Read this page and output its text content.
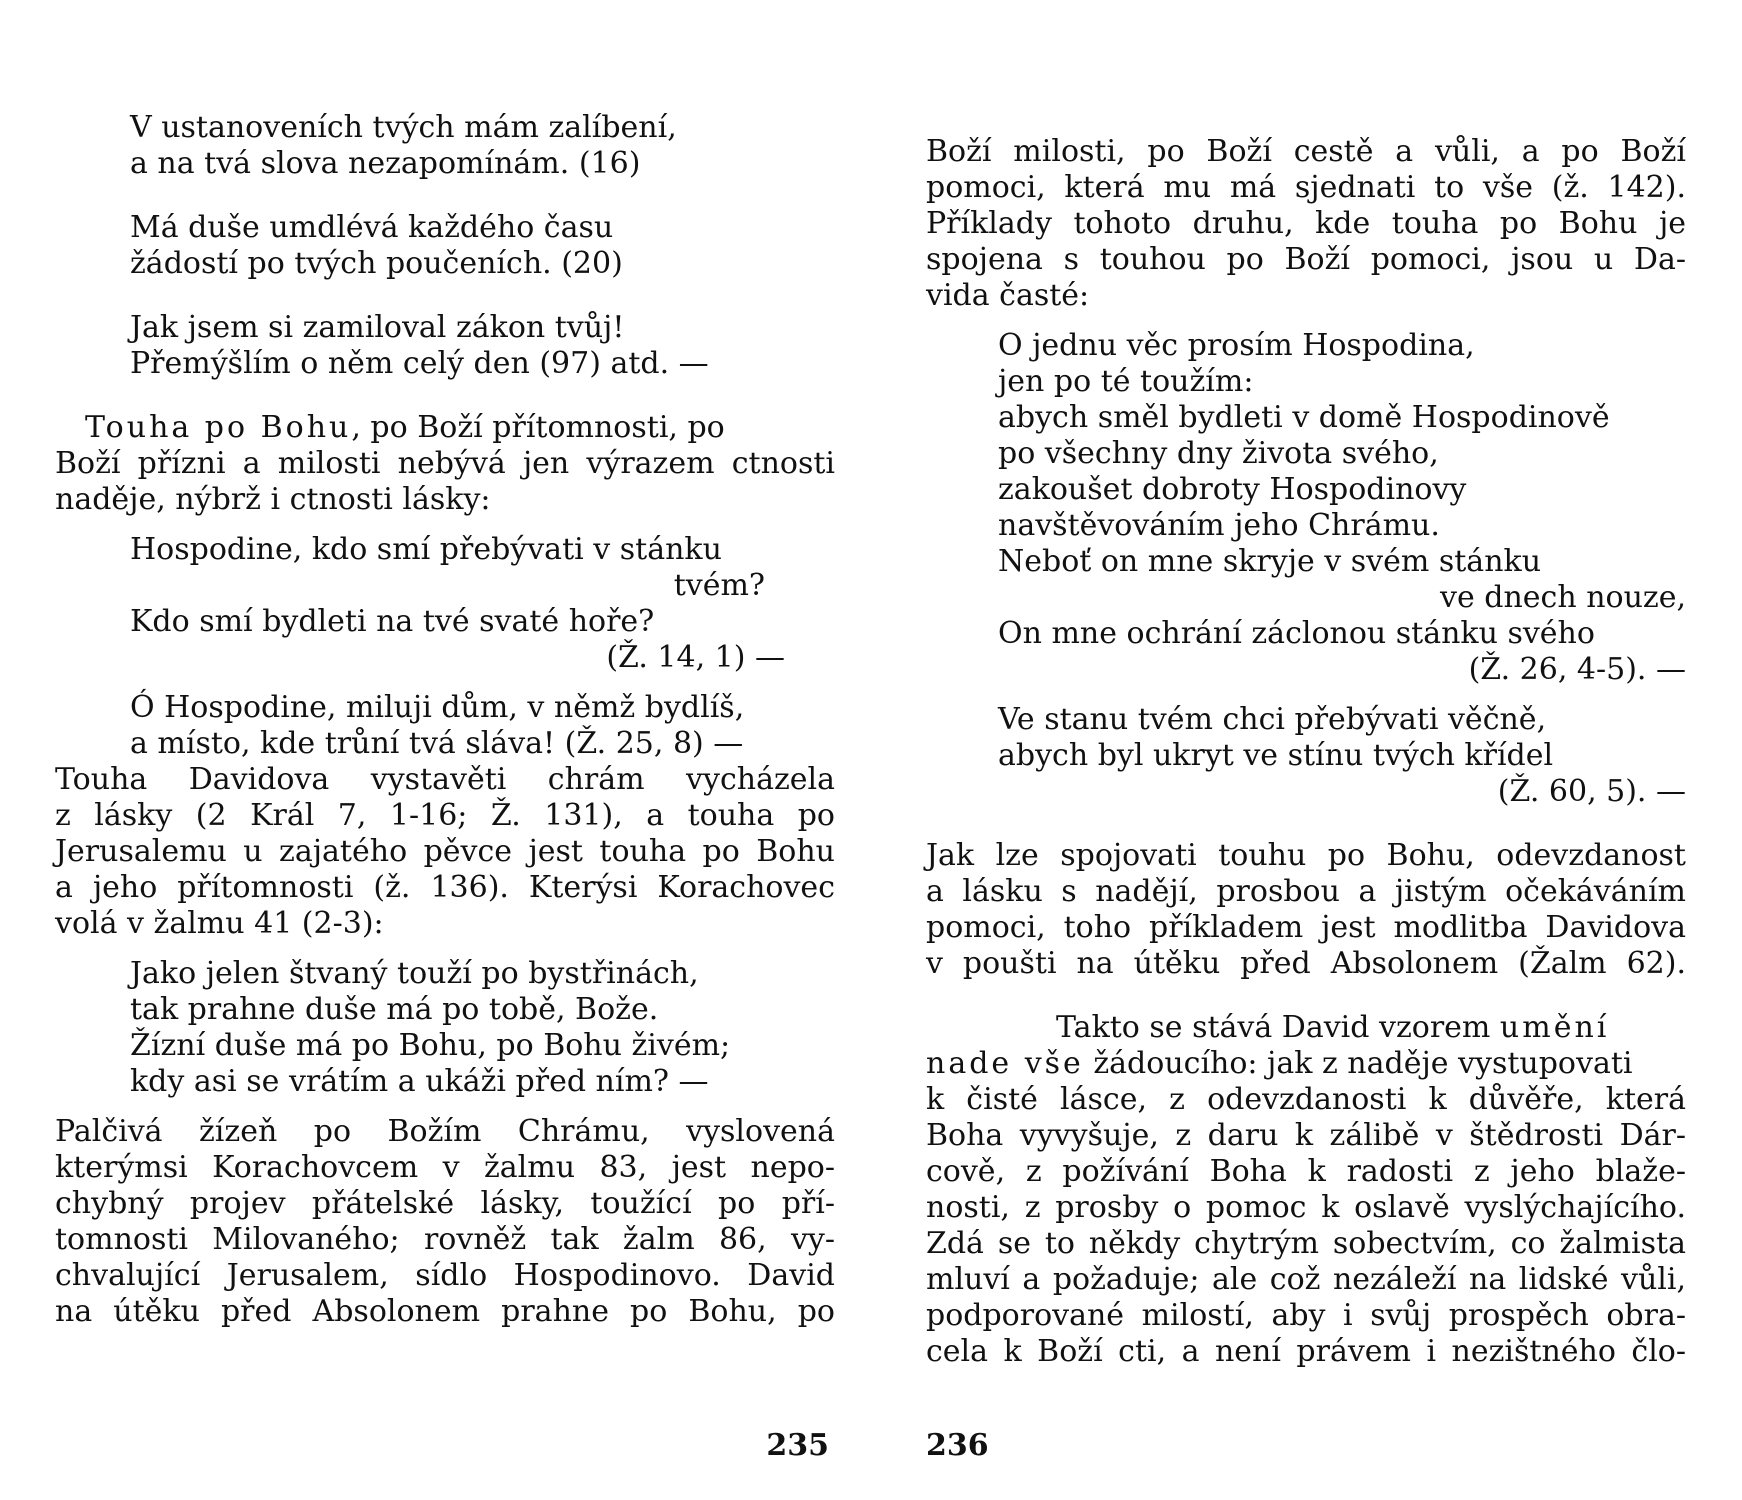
V ustanoveních tvých mám zalíbení,
a na tvá slova nezapomínám. (16)
Má duše umdlévá každého času
žádostí po tvých poučeních. (20)
Jak jsem si zamiloval zákon tvůj!
Přemýšlím o něm celý den (97) atd. —
Touha po Bohu, po Boží přítomnosti, po
Boží přízni a milosti nebývá jen výrazem ctnosti
naděje, nýbrž i ctnosti lásky:
Hospodine, kdo smí přebývati v stánku
tvém?
Kdo smí bydleti na tvé svaté hoře?
(Ž. 14, 1) —
Ó Hospodine, miluji dům, v němž bydlíš,
a místo, kde trůní tvá sláva! (Ž. 25, 8) —
Touha Davidova vystavěti chrám vycházela
z lásky (2 Král 7, 1-16; Ž. 131), a touha po
Jerusalemu u zajatého pěvce jest touha po Bohu
a jeho přítomnosti (ž. 136). Kterýsi Korachovec
volá v žalmu 41 (2-3):
Jako jelen štvaný touží po bystřinách,
tak prahne duše má po tobě, Bože.
Žízní duše má po Bohu, po Bohu živém;
kdy asi se vrátím a ukáži před ním? —
Palčivá žízeň po Božím Chrámu, vyslovená
kterýmsi Korachovcem v žalmu 83, jest nepo-
chybný projev přátelské lásky, toužící po pří-
tomnosti Milovaného; rovněž tak žalm 86, vy-
chvalující Jerusalem, sídlo Hospodinovo. David
na útěku před Absolonem prahne po Bohu, po
235
Boží milosti, po Boží cestě a vůli, a po Boží
pomoci, která mu má sjednati to vše (ž. 142).
Příklady tohoto druhu, kde touha po Bohu je
spojena s touhou po Boží pomoci, jsou u Da-
vida časté:
O jednu věc prosím Hospodina,
jen po té toužím:
abych směl bydleti v domě Hospodinově
po všechny dny života svého,
zakoušet dobroty Hospodinovy
navštěvováním jeho Chrámu.
Neboť on mne skryje v svém stánku
ve dnech nouze,
On mne ochrání záclonou stánku svého
(Ž. 26, 4-5). —
Ve stanu tvém chci přebývati věčně,
abych byl ukryt ve stínu tvých křídel
(Ž. 60, 5). —
Jak lze spojovati touhu po Bohu, odevzdanost
a lásku s nadějí, prosbou a jistým očekáváním
pomoci, toho příkladem jest modlitba Davidova
v poušti na útěku před Absolonem (Žalm 62).
Takto se stává David vzorem umění
nade vše žádoucího: jak z naděje vystupovati
k čisté lásce, z odevzdanosti k důvěře, která
Boha vyvyšuje, z daru k zálibě v štědrosti Dár-
cově, z požívání Boha k radosti z jeho blaže-
nosti, z prosby o pomoc k oslavě vyslýchajícího.
Zdá se to někdy chytrým sobectvím, co žalmista
mluví a požaduje; ale což nezáleží na lidské vůli,
podporované milostí, aby i svůj prospěch obra-
cela k Boží cti, a není právem i nezištného člo-
236
